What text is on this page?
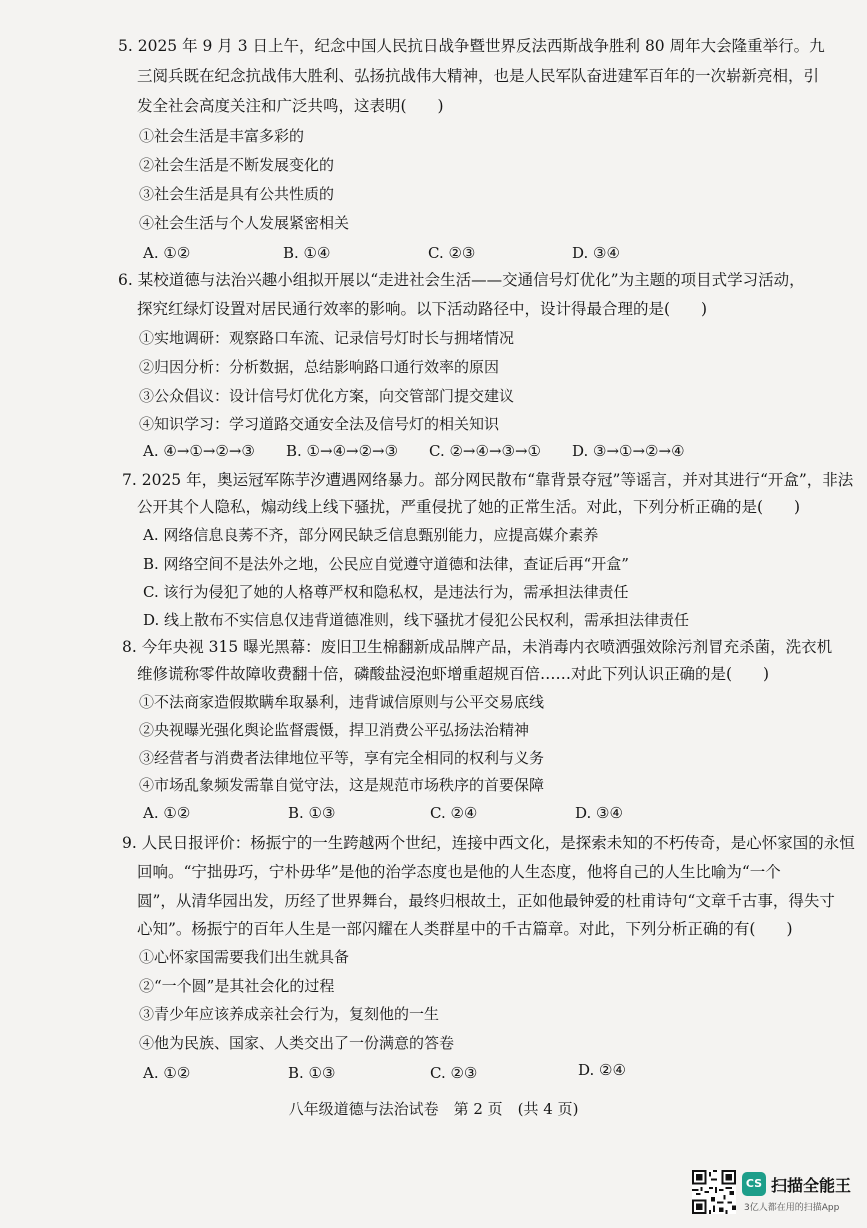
5. 2025 年 9 月 3 日上午，纪念中国人民抗日战争暨世界反法西斯战争胜利 80 周年大会隆重举行。九
三阅兵既在纪念抗战伟大胜利、弘扬抗战伟大精神，也是人民军队奋进建军百年的一次崭新亮相，引
发全社会高度关注和广泛共鸣，这表明(　　)
①社会生活是丰富多彩的
②社会生活是不断发展变化的
③社会生活是具有公共性质的
④社会生活与个人发展紧密相关
A. ①②	B. ①④	C. ②③	D. ③④
6. 某校道德与法治兴趣小组拟开展以“走进社会生活——交通信号灯优化”为主题的项目式学习活动，
探究红绿灯设置对居民通行效率的影响。以下活动路径中，设计得最合理的是(　　)
①实地调研：观察路口车流、记录信号灯时长与拥堵情况
②归因分析：分析数据，总结影响路口通行效率的原因
③公众倡议：设计信号灯优化方案，向交管部门提交建议
④知识学习：学习道路交通安全法及信号灯的相关知识
A. ④→①→②→③ B. ①→④→②→③ C. ②→④→③→① D. ③→①→②→④
7. 2025 年，奥运冠军陈芋汐遭遇网络暴力。部分网民散布“靠背景夺冠”等谣言，并对其进行“开盒”，非法
公开其个人隐私，煽动线上线下骚扰，严重侵扰了她的正常生活。对此，下列分析正确的是(　　)
A. 网络信息良莠不齐，部分网民缺乏信息甄别能力，应提高媒介素养
B. 网络空间不是法外之地，公民应自觉遵守道德和法律，查证后再“开盒”
C. 该行为侵犯了她的人格尊严权和隐私权，是违法行为，需承担法律责任
D. 线上散布不实信息仅违背道德准则，线下骚扰才侵犯公民权利，需承担法律责任
8. 今年央视 315 曝光黑幕：废旧卫生棉翻新成品牌产品，未消毒内衣喷洒强效除污剂冒充杀菌，洗衣机
维修谎称零件故障收费翻十倍，磷酸盐浸泡虾增重超规百倍……对此下列认识正确的是(　　)
①不法商家造假欺瞒牟取暴利，违背诚信原则与公平交易底线
②央视曝光强化舆论监督震慑，捍卫消费公平弘扬法治精神
③经营者与消费者法律地位平等，享有完全相同的权利与义务
④市场乱象频发需靠自觉守法，这是规范市场秩序的首要保障
A. ①②	B. ①③	C. ②④	D. ③④
9. 人民日报评价：杨振宁的一生跨越两个世纪，连接中西文化，是探索未知的不朽传奇，是心怀家国的永恒
回响。“宁拙毋巧，宁朴毋华”是他的治学态度也是他的人生态度，他将自己的人生比喻为“一个
圆”，从清华园出发，历经了世界舞台，最终归根故土，正如他最钟爱的杜甫诗句“文章千古事，得失寸
心知”。杨振宁的百年人生是一部闪耀在人类群星中的千古篇章。对此，下列分析正确的有(　　)
①心怀家国需要我们出生就具备
②“一个圆”是其社会化的过程
③青少年应该养成亲社会行为，复刻他的一生
④他为民族、国家、人类交出了一份满意的答卷
A. ①②	B. ①③	C. ②③	D. ②④
八年级道德与法治试卷　第 2 页　(共 4 页)
CS 扫描全能王
3亿人都在用的扫描App
